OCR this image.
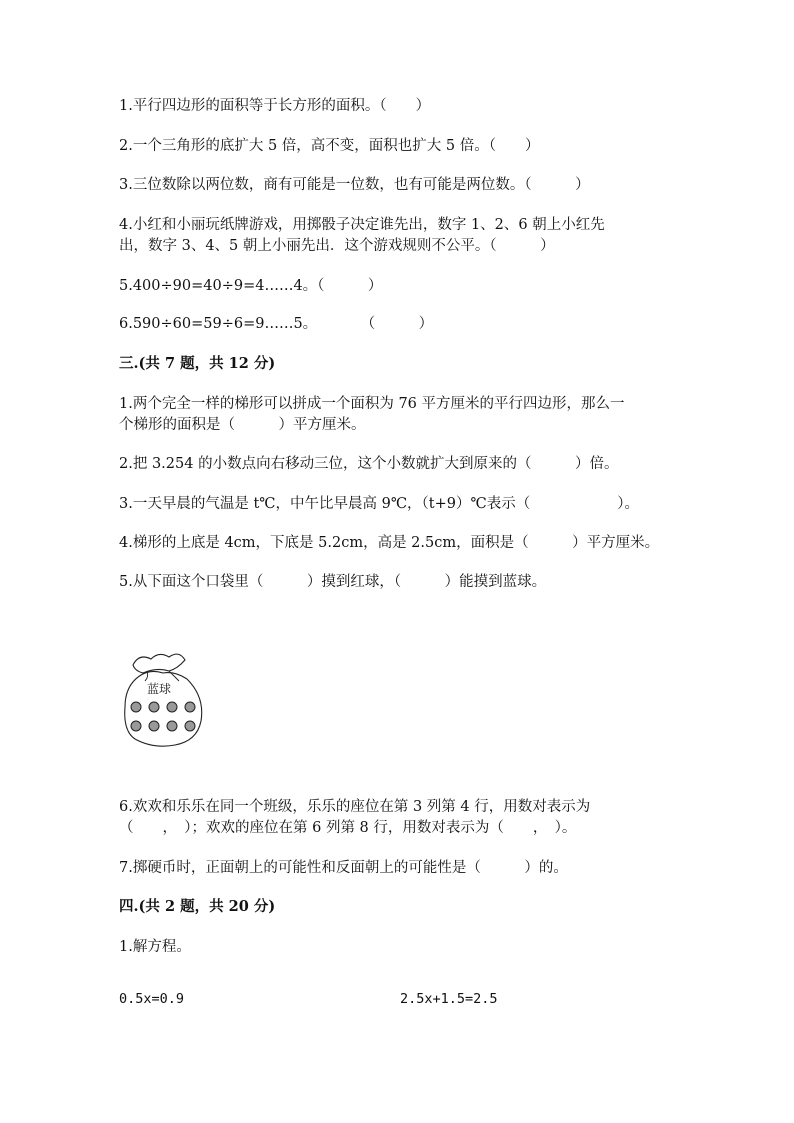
1.平行四边形的面积等于长方形的面积。（　　）

2.一个三角形的底扩大 5 倍，高不变，面积也扩大 5 倍。（　　）

3.三位数除以两位数，商有可能是一位数，也有可能是两位数。（　　　）

4.小红和小丽玩纸牌游戏，用掷骰子决定谁先出，数字 1、2、6 朝上小红先

出，数字 3、4、5 朝上小丽先出．这个游戏规则不公平。（　　　）

5.400÷90=40÷9=4……4。（　　　）

6.590÷60=59÷6=9……5。　　　　（　　　）

三.(共 7 题，共 12 分)

1.两个完全一样的梯形可以拼成一个面积为 76 平方厘米的平行四边形，那么一

个梯形的面积是（　　　）平方厘米。

2.把 3.254 的小数点向右移动三位，这个小数就扩大到原来的（　　　）倍。

3.一天早晨的气温是 t℃，中午比早晨高 9℃，（t+9）℃表示（　　　　　　）。

4.梯形的上底是 4cm，下底是 5.2cm，高是 2.5cm，面积是（　　　）平方厘米。

5.从下面这个口袋里（　　　）摸到红球，（　　　）能摸到蓝球。

蓝球

6.欢欢和乐乐在同一个班级，乐乐的座位在第 3 列第 4 行，用数对表示为

（　　，　）；欢欢的座位在第 6 列第 8 行，用数对表示为（　　，　）。

7.掷硬币时，正面朝上的可能性和反面朝上的可能性是（　　　）的。

四.(共 2 题，共 20 分)

1.解方程。

0.5x=0.9	2.5x+1.5=2.5
